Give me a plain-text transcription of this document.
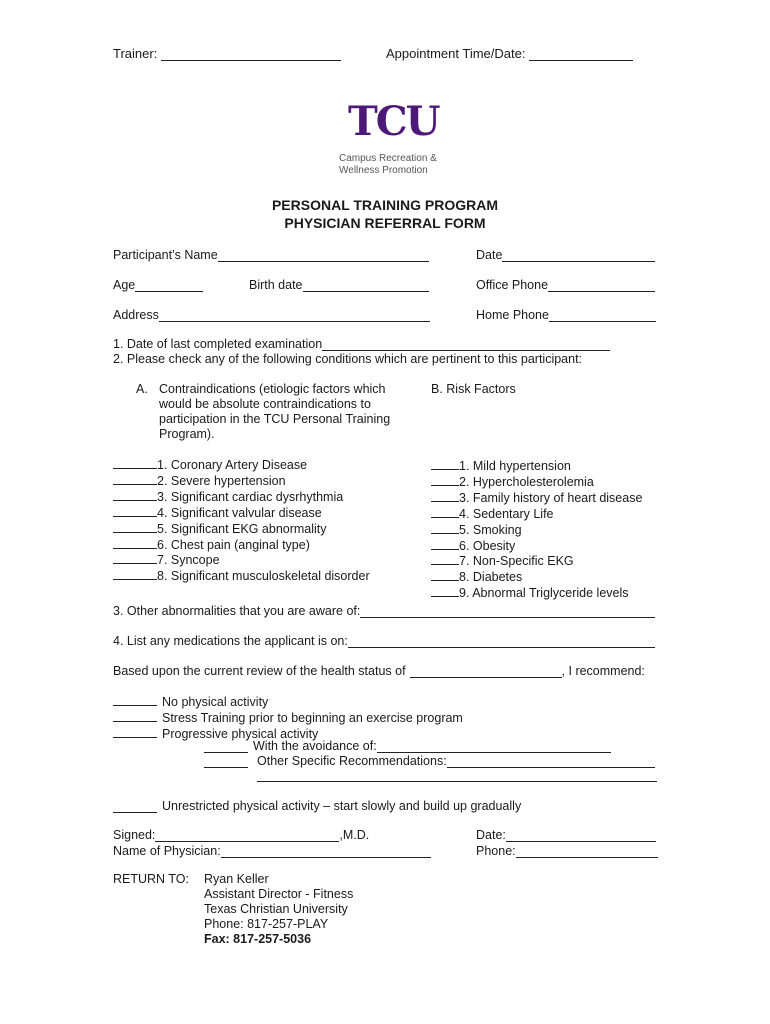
Trainer:	Appointment Time/Date:
TCU
Campus Recreation &
Wellness Promotion
PERSONAL TRAINING PROGRAM
PHYSICIAN REFERRAL FORM
Participant’s Name	Date
Age	Birth date	Office Phone
Address	Home Phone
1. Date of last completed examination
2. Please check any of the following conditions which are pertinent to this participant:
A. Contraindications (etiologic factors which
would be absolute contraindications to
participation in the TCU Personal Training
Program).
B. Risk Factors
1. Coronary Artery Disease
2. Severe hypertension
3. Significant cardiac dysrhythmia
4. Significant valvular disease
5. Significant EKG abnormality
6. Chest pain (anginal type)
7. Syncope
8. Significant musculoskeletal disorder
1. Mild hypertension
2. Hypercholesterolemia
3. Family history of heart disease
4. Sedentary Life
5. Smoking
6. Obesity
7. Non-Specific EKG
8. Diabetes
9. Abnormal Triglyceride levels
3. Other abnormalities that you are aware of:
4. List any medications the applicant is on:
Based upon the current review of the health status of	, I recommend:
No physical activity
Stress Training prior to beginning an exercise program
Progressive physical activity
With the avoidance of:
Other Specific Recommendations:
Unrestricted physical activity – start slowly and build up gradually
Signed:	,M.D.	Date:
Name of Physician:	Phone:
RETURN TO: Ryan Keller
Assistant Director - Fitness
Texas Christian University
Phone: 817-257-PLAY
Fax: 817-257-5036
